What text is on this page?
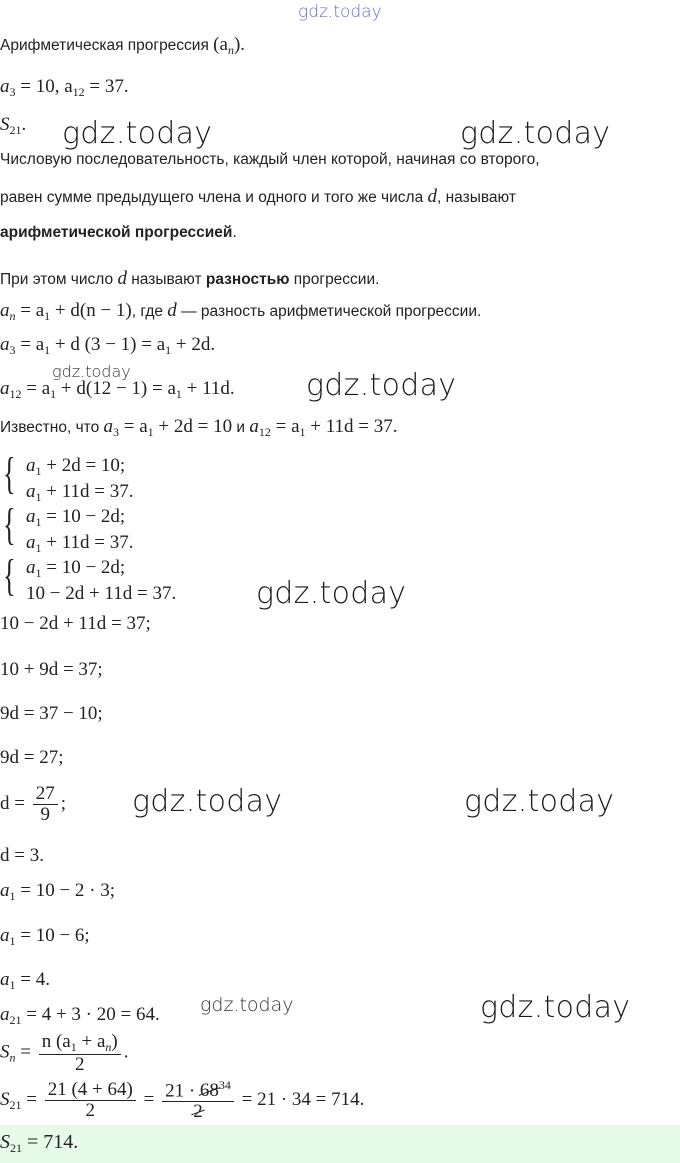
gdz.today
gdz.today	gdz.today
gdz.today	gdz.today
gdz.today
gdz.today	gdz.today
gdz.today	gdz.today
Арифметическая прогрессия $(a_n)$.
$a_3 = 10$, $a_{12} = 37$.
$S_{21}$.
Числовую последовательность, каждый член которой, начиная со второго,
равен сумме предыдущего члена и одного и того же числа d, называют
арифметической прогрессией.
При этом число d называют разностью прогрессии.
$a_n = a_1 + d(n - 1)$, где d — разность арифметической прогрессии.
$a_3 = a_1 + d$ $(3 - 1) = a_1 + 2d$.
$a_{12} = a_1 + d(12 - 1) = a_1 + 11d$.
Известно, что $a_3 = a_1 + 2d = 10$ и $a_{12} = a_1 + 11d = 37$.
{ $a_1 + 2d = 10$;
$a_1 + 11d = 37$.
{ $a_1 = 10 - 2d$;
$a_1 + 11d = 37$.
{ $a_1 = 10 - 2d$;
10 − 2d + 11d = 37.
10 − 2d + 11d = 37;
10 + 9d = 37;
9d = 37 − 10;
9d = 27;
$d = \frac{27}{9}$ ;
d = 3.
$a_1 = 10 - 2 \cdot 3$;
$a_1 = 10 - 6$;
$a_1 = 4$.
$a_{21} = 4 + 3 \cdot 20 = 64$.
$S_n = \frac{n (a_1 + a_n)}{2}$ .
$S_{21} = \frac{21 (4 + 64)}{2} = \frac{21 \cdot 68^{34}}{2} = 21 \cdot 34 = 714$.
$S_{21} = 714$.
